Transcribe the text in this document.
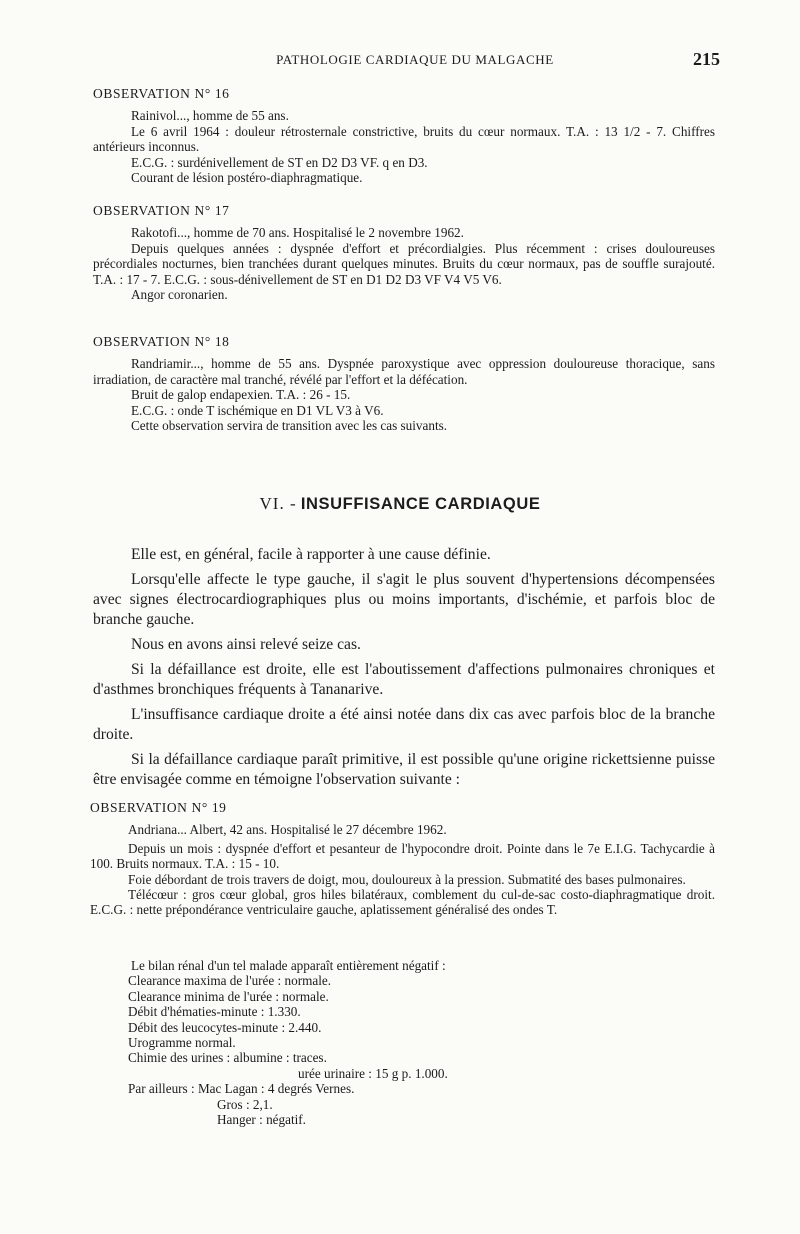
PATHOLOGIE CARDIAQUE DU MALGACHE	215
OBSERVATION N° 16

Rainivol..., homme de 55 ans.

Le 6 avril 1964 : douleur rétrosternale constrictive, bruits du cœur normaux. T.A. : 13 1/2 - 7. Chiffres antérieurs inconnus.

E.C.G. : surdénivellement de ST en D2 D3 VF. q en D3.

Courant de lésion postéro-diaphragmatique.

OBSERVATION N° 17

Rakotofi..., homme de 70 ans. Hospitalisé le 2 novembre 1962.

Depuis quelques années : dyspnée d'effort et précordialgies. Plus récemment : crises douloureuses précordiales nocturnes, bien tranchées durant quelques minutes. Bruits du cœur normaux, pas de souffle surajouté. T.A. : 17 - 7. E.C.G. : sous-dénivellement de ST en D1 D2 D3 VF V4 V5 V6.

Angor coronarien.

OBSERVATION N° 18

Randriamir..., homme de 55 ans. Dyspnée paroxystique avec oppression douloureuse thoracique, sans irradiation, de caractère mal tranché, révélé par l'effort et la défécation.

Bruit de galop endapexien. T.A. : 26 - 15.

E.C.G. : onde T ischémique en D1 VL V3 à V6.

Cette observation servira de transition avec les cas suivants.

VI. - INSUFFISANCE CARDIAQUE

Elle est, en général, facile à rapporter à une cause définie.

Lorsqu'elle affecte le type gauche, il s'agit le plus souvent d'hypertensions décompensées avec signes électrocardiographiques plus ou moins importants, d'ischémie, et parfois bloc de branche gauche.

Nous en avons ainsi relevé seize cas.

Si la défaillance est droite, elle est l'aboutissement d'affections pulmonaires chroniques et d'asthmes bronchiques fréquents à Tananarive.

L'insuffisance cardiaque droite a été ainsi notée dans dix cas avec parfois bloc de la branche droite.

Si la défaillance cardiaque paraît primitive, il est possible qu'une origine rickettsienne puisse être envisagée comme en témoigne l'observation suivante :

OBSERVATION N° 19

Andriana... Albert, 42 ans. Hospitalisé le 27 décembre 1962.

Depuis un mois : dyspnée d'effort et pesanteur de l'hypocondre droit. Pointe dans le 7e E.I.G. Tachycardie à 100. Bruits normaux. T.A. : 15 - 10.

Foie débordant de trois travers de doigt, mou, douloureux à la pression. Submatité des bases pulmonaires.

Télécœur : gros cœur global, gros hiles bilatéraux, comblement du cul-de-sac costo-diaphragmatique droit. E.C.G. : nette prépondérance ventriculaire gauche, aplatissement généralisé des ondes T.

Le bilan rénal d'un tel malade apparaît entièrement négatif :
Clearance maxima de l'urée : normale.
Clearance minima de l'urée : normale.
Débit d'hématies-minute : 1.330.
Débit des leucocytes-minute : 2.440.
Urogramme normal.
Chimie des urines : albumine : traces.
urée urinaire : 15 g p. 1.000.
Par ailleurs : Mac Lagan : 4 degrés Vernes.
Gros : 2,1.
Hanger : négatif.
